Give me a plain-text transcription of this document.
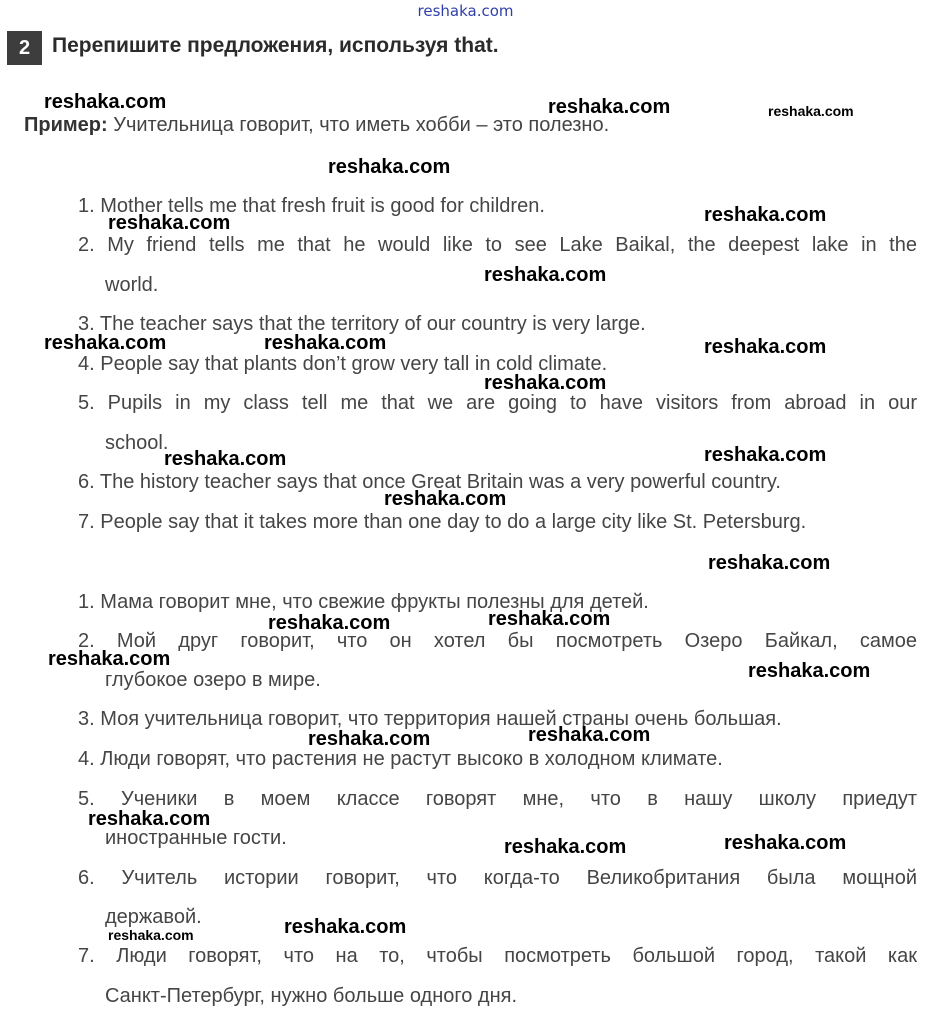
reshaka.com
2	Перепишите предложения, используя that.
Пример: Учительница говорит, что иметь хобби – это полезно.
1. Mother tells me that fresh fruit is good for children.
2. My friend tells me that he would like to see Lake Baikal, the deepest lake in the
world.
3. The teacher says that the territory of our country is very large.
4. People say that plants don’t grow very tall in cold climate.
5. Pupils in my class tell me that we are going to have visitors from abroad in our
school.
6. The history teacher says that once Great Britain was a very powerful country.
7. People say that it takes more than one day to do a large city like St. Petersburg.
1. Мама говорит мне, что свежие фрукты полезны для детей.
2. Мой друг говорит, что он хотел бы посмотреть Озеро Байкал, самое
глубокое озеро в мире.
3. Моя учительница говорит, что территория нашей страны очень большая.
4. Люди говорят, что растения не растут высоко в холодном климате.
5. Ученики в моем классе говорят мне, что в нашу школу приедут
иностранные гости.
6. Учитель истории говорит, что когда-то Великобритания была мощной
державой.
7. Люди говорят, что на то, чтобы посмотреть большой город, такой как
Санкт-Петербург, нужно больше одного дня.
reshaka.com	reshaka.com	reshaka.com
reshaka.com
reshaka.com	reshaka.com
reshaka.com
reshaka.com	reshaka.com	reshaka.com
reshaka.com
reshaka.com	reshaka.com
reshaka.com
reshaka.com
reshaka.com	reshaka.com
reshaka.com
reshaka.com
reshaka.com	reshaka.com
reshaka.com
reshaka.com	reshaka.com
reshaka.com
reshaka.com
